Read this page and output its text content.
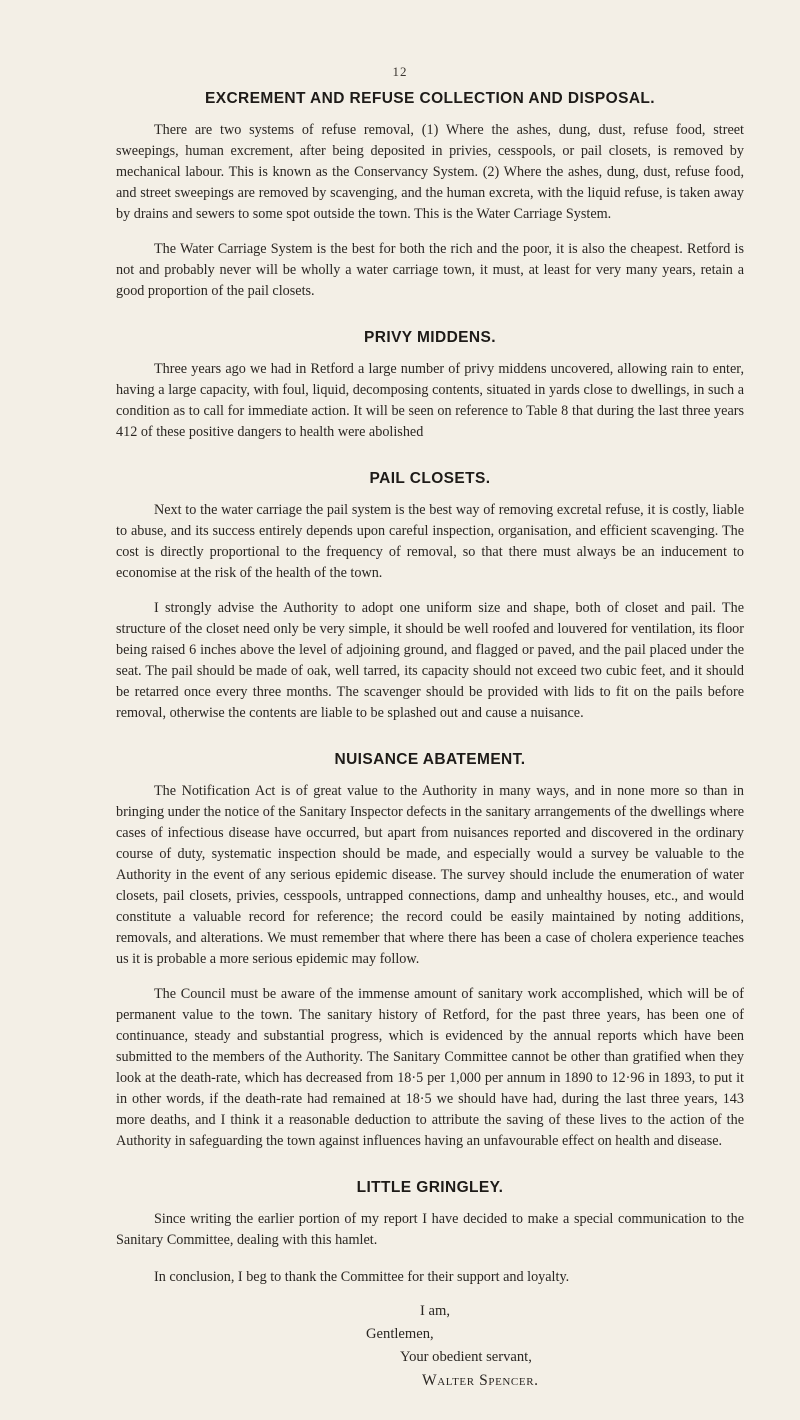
12
EXCREMENT AND REFUSE COLLECTION AND DISPOSAL.

There are two systems of refuse removal, (1) Where the ashes, dung, dust, refuse food, street sweepings, human excrement, after being deposited in privies, cesspools, or pail closets, is removed by mechanical labour. This is known as the Conservancy System. (2) Where the ashes, dung, dust, refuse food, and street sweepings are removed by scavenging, and the human excreta, with the liquid refuse, is taken away by drains and sewers to some spot outside the town. This is the Water Carriage System.

The Water Carriage System is the best for both the rich and the poor, it is also the cheapest. Retford is not and probably never will be wholly a water carriage town, it must, at least for very many years, retain a good proportion of the pail closets.

PRIVY MIDDENS.

Three years ago we had in Retford a large number of privy middens uncovered, allowing rain to enter, having a large capacity, with foul, liquid, decomposing contents, situated in yards close to dwellings, in such a condition as to call for immediate action. It will be seen on reference to Table 8 that during the last three years 412 of these positive dangers to health were abolished

PAIL CLOSETS.

Next to the water carriage the pail system is the best way of removing excretal refuse, it is costly, liable to abuse, and its success entirely depends upon careful inspection, organisation, and efficient scavenging. The cost is directly proportional to the frequency of removal, so that there must always be an inducement to economise at the risk of the health of the town.

I strongly advise the Authority to adopt one uniform size and shape, both of closet and pail. The structure of the closet need only be very simple, it should be well roofed and louvered for ventilation, its floor being raised 6 inches above the level of adjoining ground, and flagged or paved, and the pail placed under the seat. The pail should be made of oak, well tarred, its capacity should not exceed two cubic feet, and it should be retarred once every three months. The scavenger should be provided with lids to fit on the pails before removal, otherwise the contents are liable to be splashed out and cause a nuisance.

NUISANCE ABATEMENT.

The Notification Act is of great value to the Authority in many ways, and in none more so than in bringing under the notice of the Sanitary Inspector defects in the sanitary arrangements of the dwellings where cases of infectious disease have occurred, but apart from nuisances reported and discovered in the ordinary course of duty, systematic inspection should be made, and especially would a survey be valuable to the Authority in the event of any serious epidemic disease. The survey should include the enumeration of water closets, pail closets, privies, cesspools, untrapped connections, damp and unhealthy houses, etc., and would constitute a valuable record for reference; the record could be easily maintained by noting additions, removals, and alterations. We must remember that where there has been a case of cholera experience teaches us it is probable a more serious epidemic may follow.

The Council must be aware of the immense amount of sanitary work accomplished, which will be of permanent value to the town. The sanitary history of Retford, for the past three years, has been one of continuance, steady and substantial progress, which is evidenced by the annual reports which have been submitted to the members of the Authority. The Sanitary Committee cannot be other than gratified when they look at the death-rate, which has decreased from 18·5 per 1,000 per annum in 1890 to 12·96 in 1893, to put it in other words, if the death-rate had remained at 18·5 we should have had, during the last three years, 143 more deaths, and I think it a reasonable deduction to attribute the saving of these lives to the action of the Authority in safeguarding the town against influences having an unfavourable effect on health and disease.

LITTLE GRINGLEY.

Since writing the earlier portion of my report I have decided to make a special communication to the Sanitary Committee, dealing with this hamlet.

In conclusion, I beg to thank the Committee for their support and loyalty.

I am,
Gentlemen,
Your obedient servant,
Walter Spencer.
